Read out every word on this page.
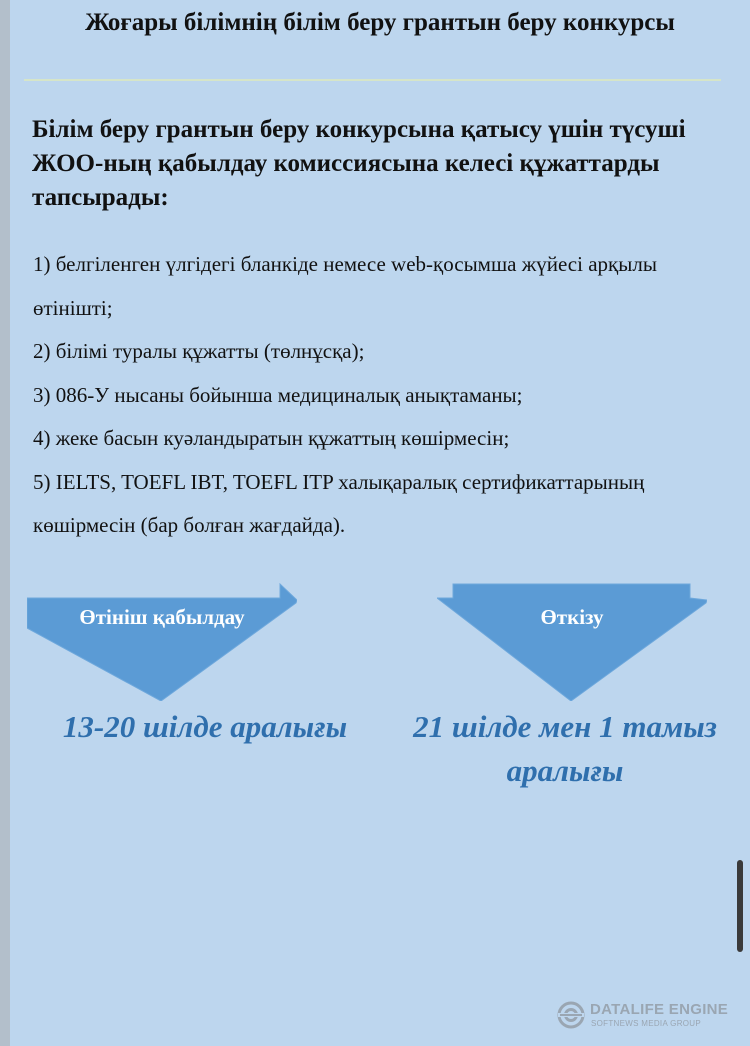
Жоғары білімнің білім беру грантын беру конкурсы
Білім беру грантын беру конкурсына қатысу үшін түсуші ЖОО-ның қабылдау комиссиясына келесі құжаттарды тапсырады:
1) белгіленген үлгідегі бланкіде немесе web-қосымша жүйесі арқылы өтінішті;
2) білімі туралы құжатты (төлнұсқа);
3) 086-У нысаны бойынша медициналық анықтаманы;
4) жеке басын куәландыратын құжаттың көшірмесін;
5) IELTS, TOEFL IBT, TOEFL ITP халықаралық сертификаттарының көшірмесін (бар болған жағдайда).
Өтініш қабылдау	Өткізу
13-20 шілде аралығы	21 шілде мен 1 тамыз аралығы
DATALIFE ENGINE
SOFTNEWS MEDIA GROUP
